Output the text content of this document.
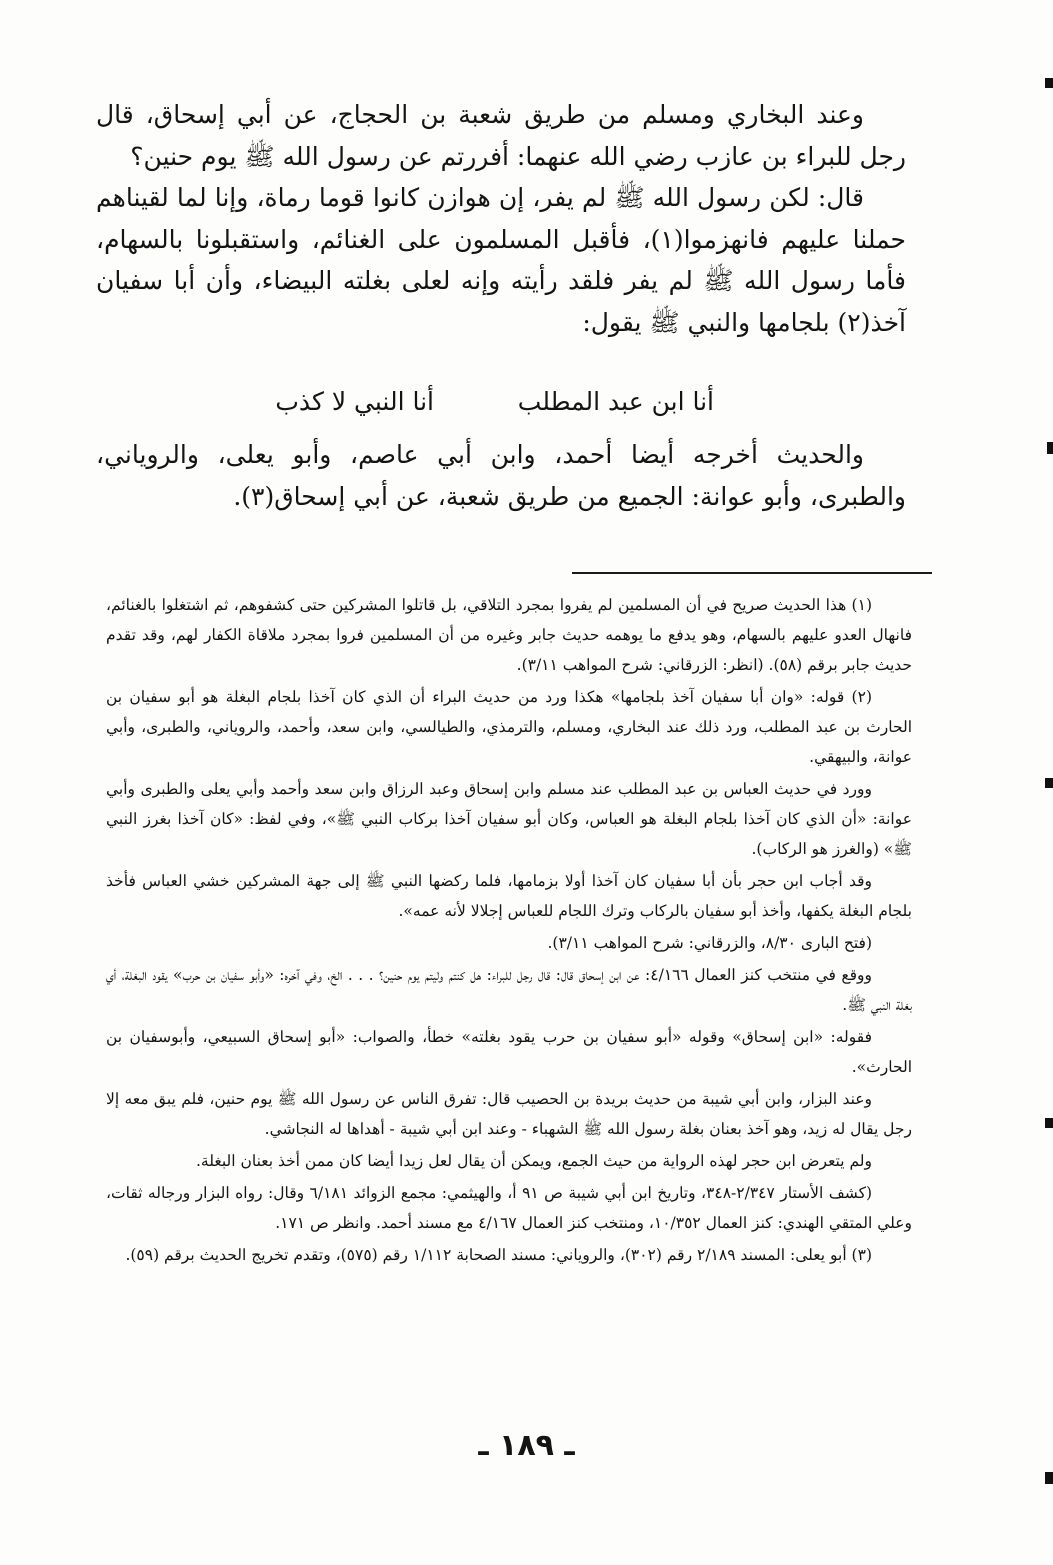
وعند البخاري ومسلم من طريق شعبة بن الحجاج، عن أبي إسحاق، قال رجل للبراء بن عازب رضي الله عنهما: أفررتم عن رسول الله ﷺ يوم حنين؟

قال: لكن رسول الله ﷺ لم يفر، إن هوازن كانوا قوما رماة، وإنا لما لقيناهم حملنا عليهم فانهزموا(١)، فأقبل المسلمون على الغنائم، واستقبلونا بالسهام، فأما رسول الله ﷺ لم يفر فلقد رأيته وإنه لعلى بغلته البيضاء، وأن أبا سفيان آخذ(٢) بلجامها والنبي ﷺ يقول:

أنا النبي لا كذب	أنا ابن عبد المطلب

والحديث أخرجه أيضا أحمد، وابن أبي عاصم، وأبو يعلى، والروياني، والطبرى، وأبو عوانة: الجميع من طريق شعبة، عن أبي إسحاق(٣).

(١) هذا الحديث صريح في أن المسلمين لم يفروا بمجرد التلاقي، بل قاتلوا المشركين حتى كشفوهم، ثم اشتغلوا بالغنائم، فانهال العدو عليهم بالسهام، وهو يدفع ما يوهمه حديث جابر وغيره من أن المسلمين فروا بمجرد ملاقاة الكفار لهم، وقد تقدم حديث جابر برقم (٥٨). (انظر: الزرقاني: شرح المواهب ٣/١١).

(٢) قوله: «وان أبا سفيان آخذ بلجامها» هكذا ورد من حديث البراء أن الذي كان آخذا بلجام البغلة هو أبو سفيان بن الحارث بن عبد المطلب، ورد ذلك عند البخاري، ومسلم، والترمذي، والطيالسي، وابن سعد، وأحمد، والروياني، والطبرى، وأبي عوانة، والبيهقي.

وورد في حديث العباس بن عبد المطلب عند مسلم وابن إسحاق وعبد الرزاق وابن سعد وأحمد وأبي يعلى والطبرى وأبي عوانة: «أن الذي كان آخذا بلجام البغلة هو العباس، وكان أبو سفيان آخذا بركاب النبي ﷺ»، وفي لفظ: «كان آخذا بغرز النبي ﷺ» (والغرز هو الركاب).

وقد أجاب ابن حجر بأن أبا سفيان كان آخذا أولا بزمامها، فلما ركضها النبي ﷺ إلى جهة المشركين خشي العباس فأخذ بلجام البغلة يكفها، وأخذ أبو سفيان بالركاب وترك اللجام للعباس إجلالا لأنه عمه».

(فتح البارى ٨/٣٠، والزرقاني: شرح المواهب ٣/١١).

ووقع في منتخب كنز العمال ٤/١٦٦: عن ابن إسحاق قال: قال رجل للبراء: هل كنتم وليتم يوم حنين؟ . . . الخ، وفي آخره: «وأبو سفيان بن حرب» يقود البغلة، أي بغلة النبي ﷺ.

فقوله: «ابن إسحاق» وقوله «أبو سفيان بن حرب يقود بغلته» خطأ، والصواب: «أبو إسحاق السبيعي، وأبوسفيان بن الحارث».

وعند البزار، وابن أبي شيبة من حديث بريدة بن الحصيب قال: تفرق الناس عن رسول الله ﷺ يوم حنين، فلم يبق معه إلا رجل يقال له زيد، وهو آخذ بعنان بغلة رسول الله ﷺ الشهباء - وعند ابن أبي شيبة - أهداها له النجاشي.

ولم يتعرض ابن حجر لهذه الرواية من حيث الجمع، ويمكن أن يقال لعل زيدا أيضا كان ممن أخذ بعنان البغلة.

(كشف الأستار ٢/٣٤٧-٣٤٨، وتاريخ ابن أبي شيبة ص ٩١ أ، والهيثمي: مجمع الزوائد ٦/١٨١ وقال: رواه البزار ورجاله ثقات، وعلي المتقي الهندي: كنز العمال ١٠/٣٥٢، ومنتخب كنز العمال ٤/١٦٧ مع مسند أحمد. وانظر ص ١٧١.

(٣) أبو يعلى: المسند ٢/١٨٩ رقم (٣٠٢)، والروياني: مسند الصحابة ١/١١٢ رقم (٥٧٥)، وتقدم تخريج الحديث برقم (٥٩).

ـ ١٨٩ ـ
